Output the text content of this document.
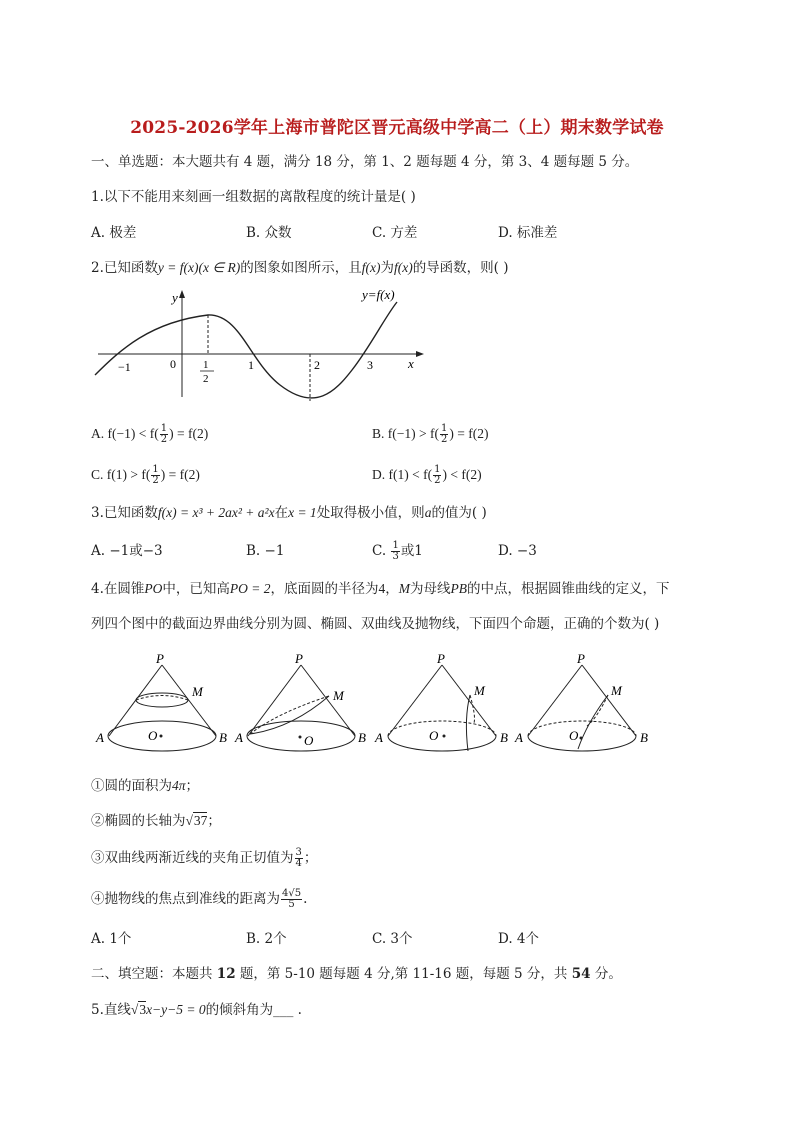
2025-2026学年上海市普陀区晋元高级中学高二（上）期末数学试卷
一、单选题：本大题共有 4 题，满分 18 分，第 1、2 题每题 4 分，第 3、4 题每题 5 分。
1.以下不能用来刻画一组数据的离散程度的统计量是( )
A. 极差	B. 众数	C. 方差	D. 标准差
2.已知函数y = f(x)(x ∈ R)的图象如图所示，且f(x)为f(x)的导函数，则( )
y
x
0
−1	1	2	3
1
2
y=f(x)
A. $f(-1) < f( \frac{1}{2}$ ) = f(2)	B. $f(-1) > f( \frac{1}{2}$ ) = f(2)
C. $f(1) > f( \frac{1}{2}$ ) = f(2)	D. $f(1) < f( \frac{1}{2}$ ) < f(2)
3.已知函数f(x) = x³ + 2ax² + a²x在x = 1处取得极小值，则a的值为( )
A. −1或−3	B. −1	C. $\frac{1}{3}$ 或1	D. −3
4.在圆锥PO中，已知高PO = 2，底面圆的半径为4，M为母线PB的中点，根据圆锥曲线的定义，下
列四个图中的截面边界曲线分别为圆、椭圆、双曲线及抛物线，下面四个命题，正确的个数为( )
P
M
A	B
O
P
M
A	B
O
P
M
A	B
O
P
M
A	B
O
①圆的面积为4π；
②椭圆的长轴为√37；
③双曲线两渐近线的夹角正切值为 $\frac{3}{4}$ ；
④抛物线的焦点到准线的距离为 $\frac{4√5}{5}$ .
A. 1个	B. 2个	C. 3个	D. 4个
二、填空题：本题共 12 题，第 5-10 题每题 4 分,第 11-16 题，每题 5 分，共 54 分。
5.直线√3x−y−5 = 0的倾斜角为___ .
